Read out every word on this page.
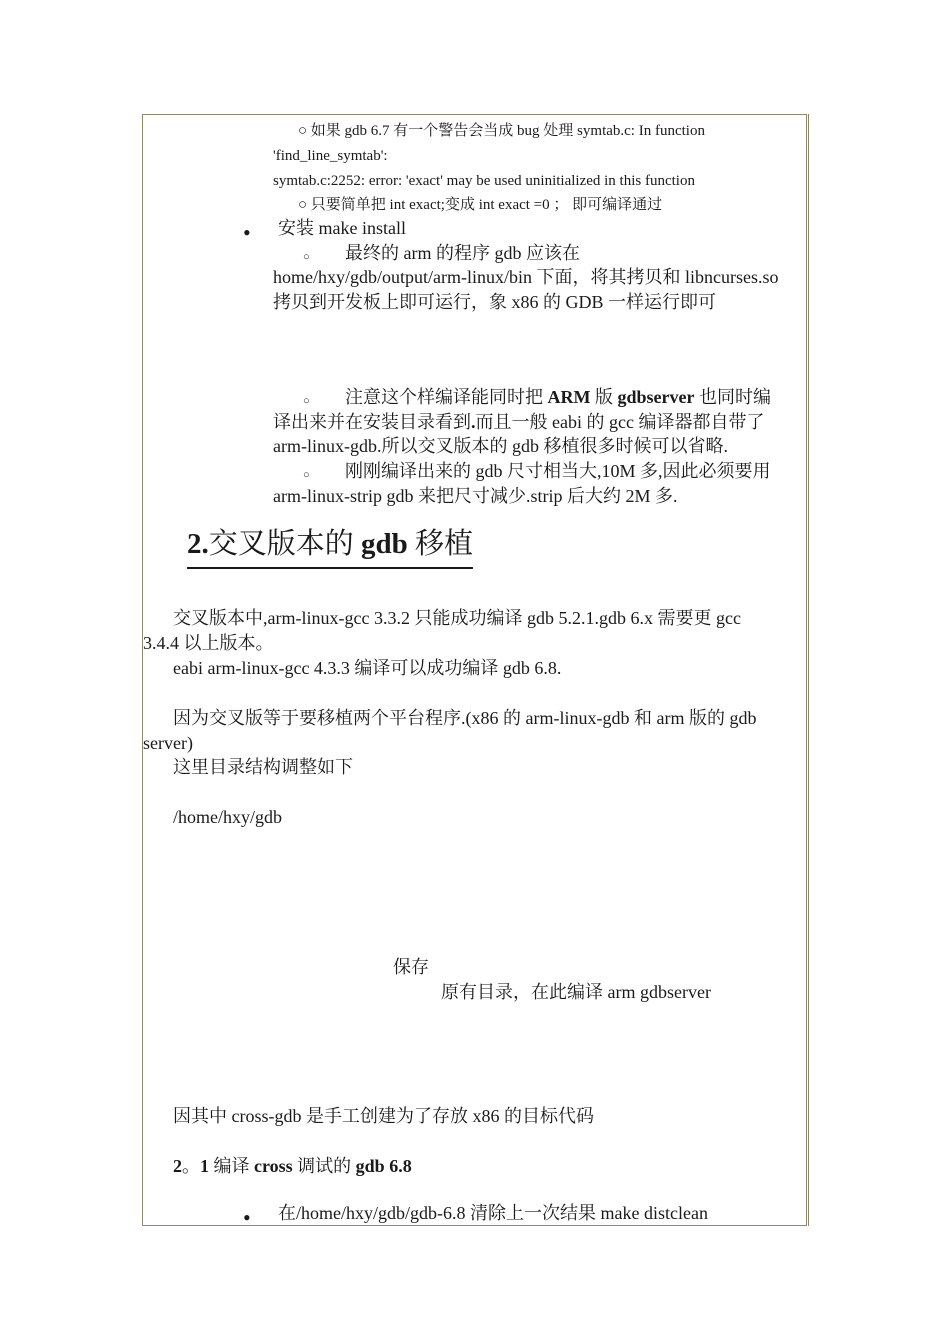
○ 如果 gdb 6.7 有一个警告会当成 bug 处理 symtab.c: In function
'find_line_symtab':
symtab.c:2252: error: 'exact' may be used uninitialized in this function
○ 只要简单把 int exact;变成 int exact =0 ； 即可编译通过
• 安装 make install
○ 最终的 arm 的程序 gdb 应该在
home/hxy/gdb/output/arm-linux/bin 下面，将其拷贝和 libncurses.so
拷贝到开发板上即可运行，象 x86 的 GDB 一样运行即可
○ 注意这个样编译能同时把 ARM 版 gdbserver 也同时编
译出来并在安装目录看到.而且一般 eabi 的 gcc 编译器都自带了
arm-linux-gdb.所以交叉版本的 gdb 移植很多时候可以省略.
○ 刚刚编译出来的 gdb 尺寸相当大,10M 多,因此必须要用
arm-linux-strip gdb 来把尺寸减少.strip 后大约 2M 多.
2.交叉版本的 gdb 移植
交叉版本中,arm-linux-gcc 3.3.2 只能成功编译 gdb 5.2.1.gdb 6.x 需要更 gcc
3.4.4 以上版本。
eabi arm-linux-gcc 4.3.3 编译可以成功编译 gdb 6.8.
因为交叉版等于要移植两个平台程序.(x86 的 arm-linux-gdb 和 arm 版的 gdb
server)
这里目录结构调整如下
/home/hxy/gdb
保存
原有目录，在此编译 arm gdbserver
因其中 cross-gdb 是手工创建为了存放 x86 的目标代码
2。1 编译 cross 调试的 gdb 6.8
• 在/home/hxy/gdb/gdb-6.8 清除上一次结果 make distclean
